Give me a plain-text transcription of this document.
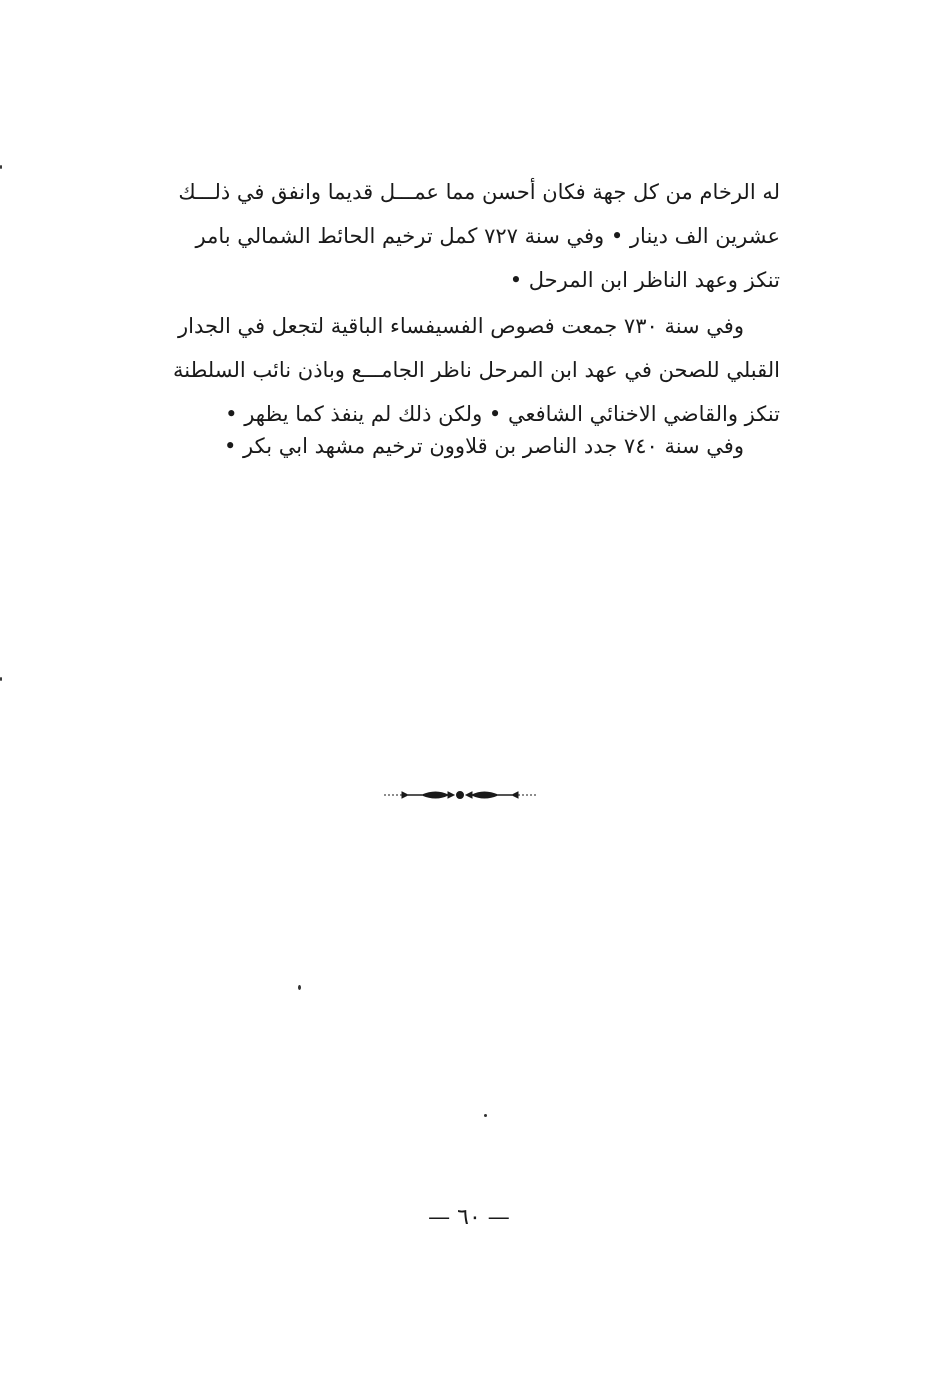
له الرخام من كل جهة فكان أحسن مما عمـــل قديما وانفق في ذلـــك

عشرين الف دينار • وفي سنة ٧٢٧ كمل ترخيم الحائط الشمالي بامر

تنكز وعهد الناظر ابن المرحل •

وفي سنة ٧٣٠ جمعت فصوص الفسيفساء الباقية لتجعل في الجدار

القبلي للصحن في عهد ابن المرحل ناظر الجامـــع وباذن نائب السلطنة

تنكز والقاضي الاخنائي الشافعي • ولكن ذلك لم ينفذ كما يظهر •

وفي سنة ٧٤٠ جدد الناصر بن قلاوون ترخيم مشهد ابي بكر •

— ٦٠ —
